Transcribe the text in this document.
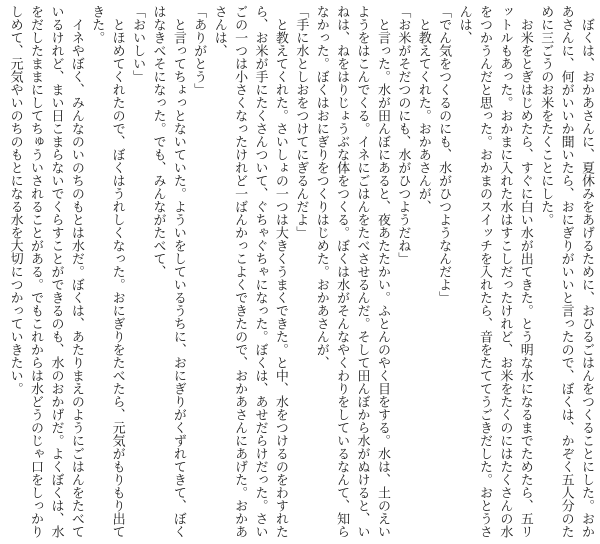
ぼくは、おかあさんに、夏休みをあげるために、おひるごはんをつくることにした。おかあさんに、何がいいか聞いたら、おにぎりがいいと言ったので、ぼくは、かぞく五人分のために三ごうのお米をたくことにした。

お米をとぎはじめたら、すぐに白い水が出てきた。とう明な水になるまでためたら、五リットルもあった。おかまに入れた水はすこしだったけれど、お米をたくのにはたくさんの水をつかうんだと思った。おかまのスイッチを入れたら、音をたててうごきだした。おとうさんは、

「でん気をつくるのにも、水がひつようなんだよ」

と教えてくれた。おかあさんが、

「お米がそだつのにも、水がひつようだね」

と言った。水が田んぼにあると、夜あたたかい。ふとんのやく目をする。水は、土のえいようをはこんでくる。イネにごはんをたべさせるんだ。そして田んぼから水がぬけると、いねは、ねをはりじょうぶな体をつくる。ぼくは水がそんなやくわりをしているなんて、知らなかった。ぼくはおにぎりをつくりはじめた。おかあさんが、

「手に水としおをつけてにぎるんだよ」

と教えてくれた。さいしょの一つは大きくうまくできた。と中、水をつけるのをわすれたら、お米が手にたくさんついて、ぐちゃぐちゃになった。ぼくは、あせだらけだった。さいごの一つは小さくなったけれど一ばんかっこよくできたので、おかあさんにあげた。おかあさんは、

「ありがとう」

と言ってちょっとないていた。よういをしているうちに、おにぎりがくずれてきて、ぼくはなきべそになった。でも、みんながたべて、

「おいしい」

とほめてくれたので、ぼくはうれしくなった。おにぎりをたべたら、元気がもりもり出てきた。

イネやぼく、みんなのいのちのもとは水だ。ぼくは、あたりまえのようにごはんをたべているけれど、まい日こまらないでくらすことができるのも、水のおかげだ。よくぼくは、水をだしたままにしてちゅういされることがある。でもこれからは水どうのじゃ口をしっかりしめて、元気やいのちのもとになる水を大切につかっていきたい。
